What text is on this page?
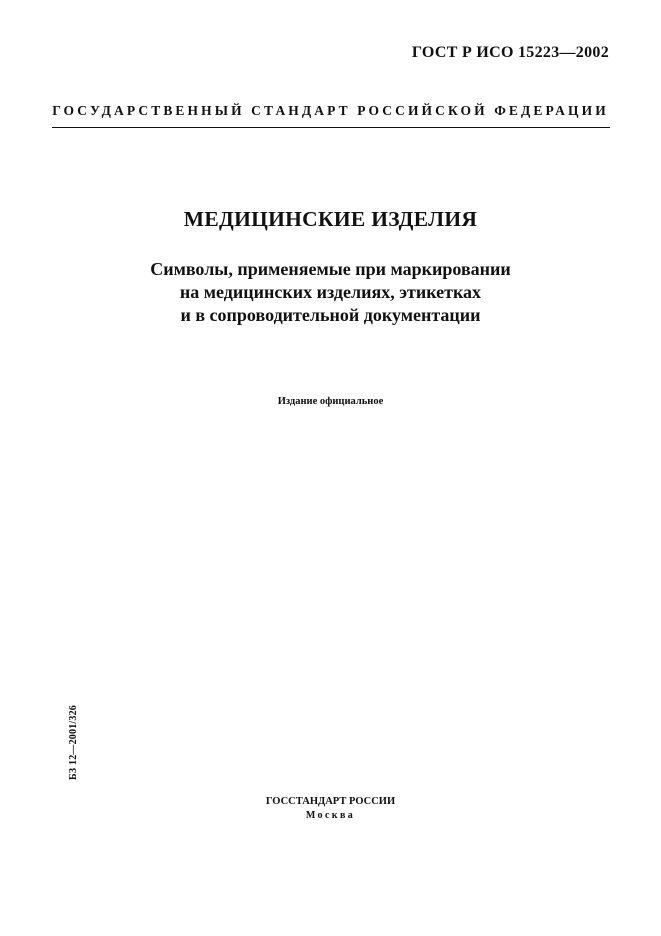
ГОСТ Р ИСО 15223—2002
ГОСУДАРСТВЕННЫЙ СТАНДАРТ РОССИЙСКОЙ ФЕДЕРАЦИИ
МЕДИЦИНСКИЕ ИЗДЕЛИЯ
Символы, применяемые при маркировании
на медицинских изделиях, этикетках
и в сопроводительной документации
Издание официальное
БЗ 12—2001/326
ГОССТАНДАРТ РОССИИ
Москва
